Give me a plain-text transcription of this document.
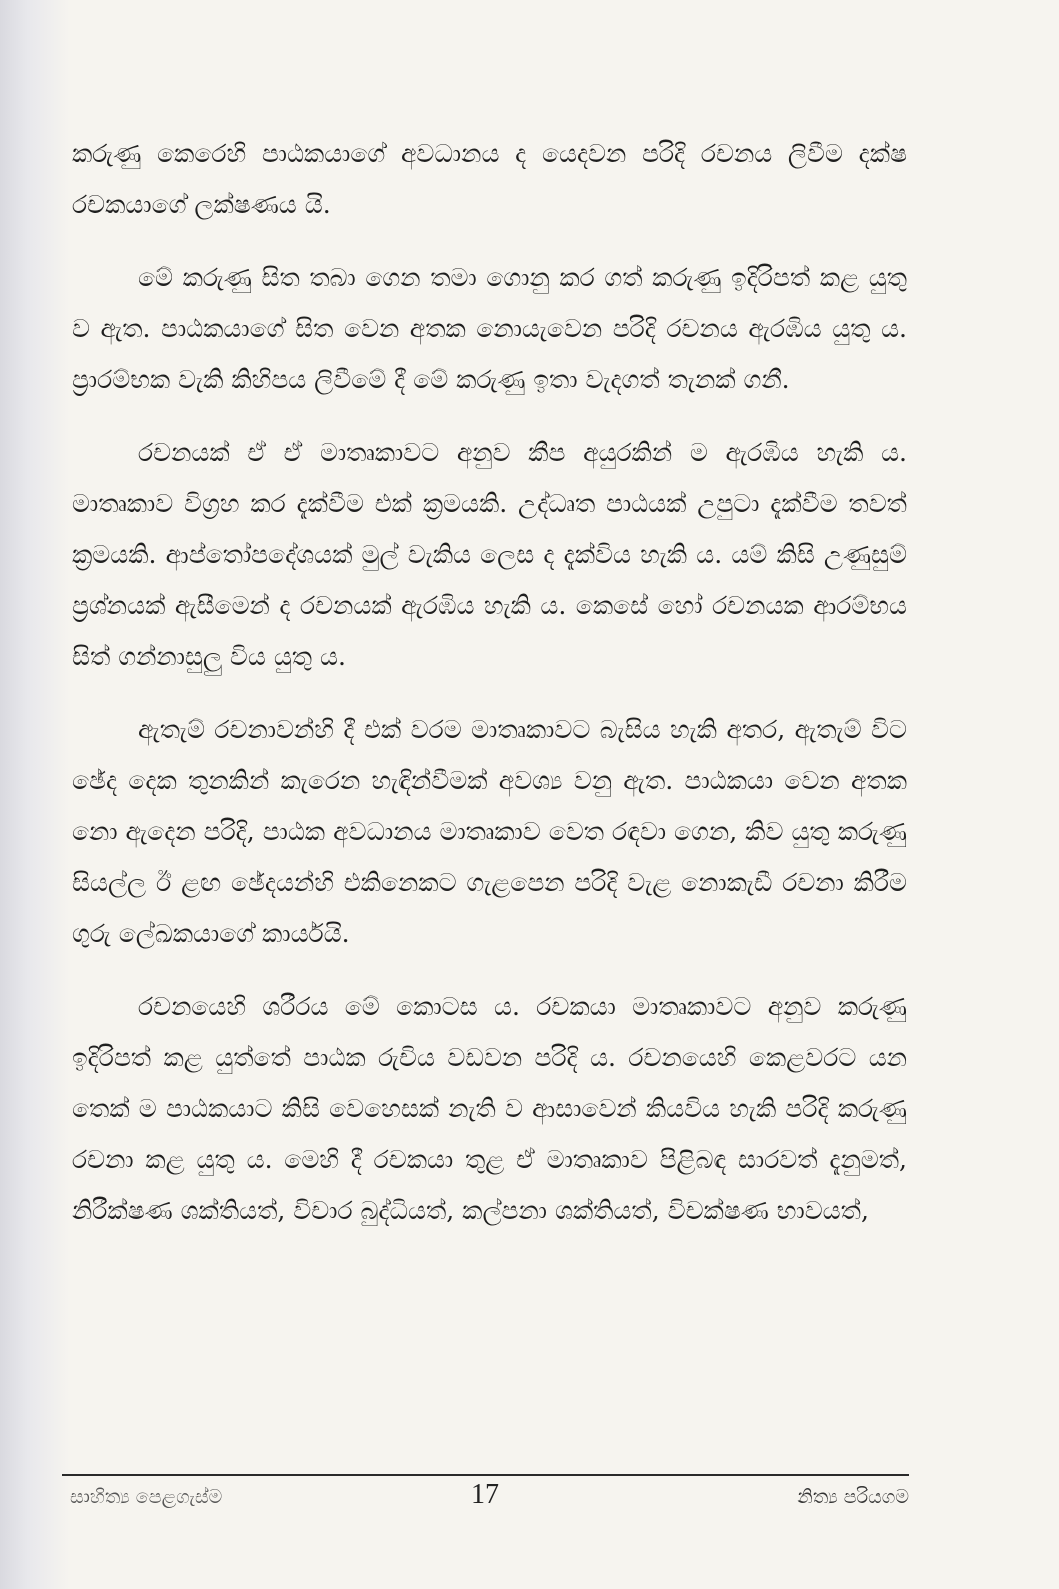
කරුණු කෙරෙහි පාඨකයාගේ අවධානය ද යෙදවන පරිදි රචනය ලිවීම දක්ෂ රචකයාගේ ලක්ෂණය යි.

මේ කරුණු සිත තබා ගෙන තමා ගොනු කර ගත් කරුණු ඉදිරිපත් කළ යුතු ව ඇත. පාඨකයාගේ සිත වෙන අතක නොයැවෙන පරිදි රචනය ඇරඹිය යුතු ය. ප්‍රාරම්භක වැකි කිහිපය ලිවීමේ දී මේ කරුණු ඉතා වැදගත් තැනක් ගනී.

රචනයක් ඒ ඒ මාතෘකාවට අනුව කීප අයුරකින් ම ඇරඹිය හැකි ය. මාතෘකාව විග්‍රහ කර දැක්වීම එක් ක්‍රමයකි. උද්ධෘත පාඨයක් උපුටා දැක්වීම තවත් ක්‍රමයකි. ආප්තෝපදේශයක් මුල් වැකිය ලෙස ද දැක්විය හැකි ය. යම් කිසි උණුසුම් ප්‍රශ්නයක් ඇසීමෙන් ද රචනයක් ඇරඹිය හැකි ය. කෙසේ හෝ රචනයක ආරම්භය සිත් ගන්නාසුලු විය යුතු ය.

ඇතැම් රචනාවන්හි දී එක් වරම මාතෘකාවට බැසිය හැකි අතර, ඇතැම් විට ඡේද දෙක තුනකින් කැරෙන හැඳින්වීමක් අවශ්‍ය වනු ඇත. පාඨකයා වෙන අතක නො ඇදෙන පරිදි, පාඨක අවධානය මාතෘකාව වෙත රඳවා ගෙන, කිව යුතු කරුණු සියල්ල ඊ ළඟ ඡේදයන්හි එකිනෙකට ගැළපෙන පරිදි වැළ නොකැඩී රචනා කිරීම ගුරු ලේඛකයාගේ කාර්යයි.

රචනයෙහි ශරීරය මේ කොටස ය. රචකයා මාතෘකාවට අනුව කරුණු ඉදිරිපත් කළ යුත්තේ පාඨක රුචිය වඩවන පරිදි ය. රචනයෙහි කෙළවරට යන තෙක් ම පාඨකයාට කිසි වෙහෙසක් නැති ව ආසාවෙන් කියවිය හැකි පරිදි කරුණු රචනා කළ යුතු ය. මෙහි දී රචකයා තුළ ඒ මාතෘකාව පිළිබඳ සාරවත් දැනුමත්, නිරීක්ෂණ ශක්තියත්, විචාර බුද්ධියත්, කල්පනා ශක්තියත්, විචක්ෂණ භාවයත්,

සාහිත්‍ය පෙළගැස්ම	17	නිත්‍ය පරියගම
